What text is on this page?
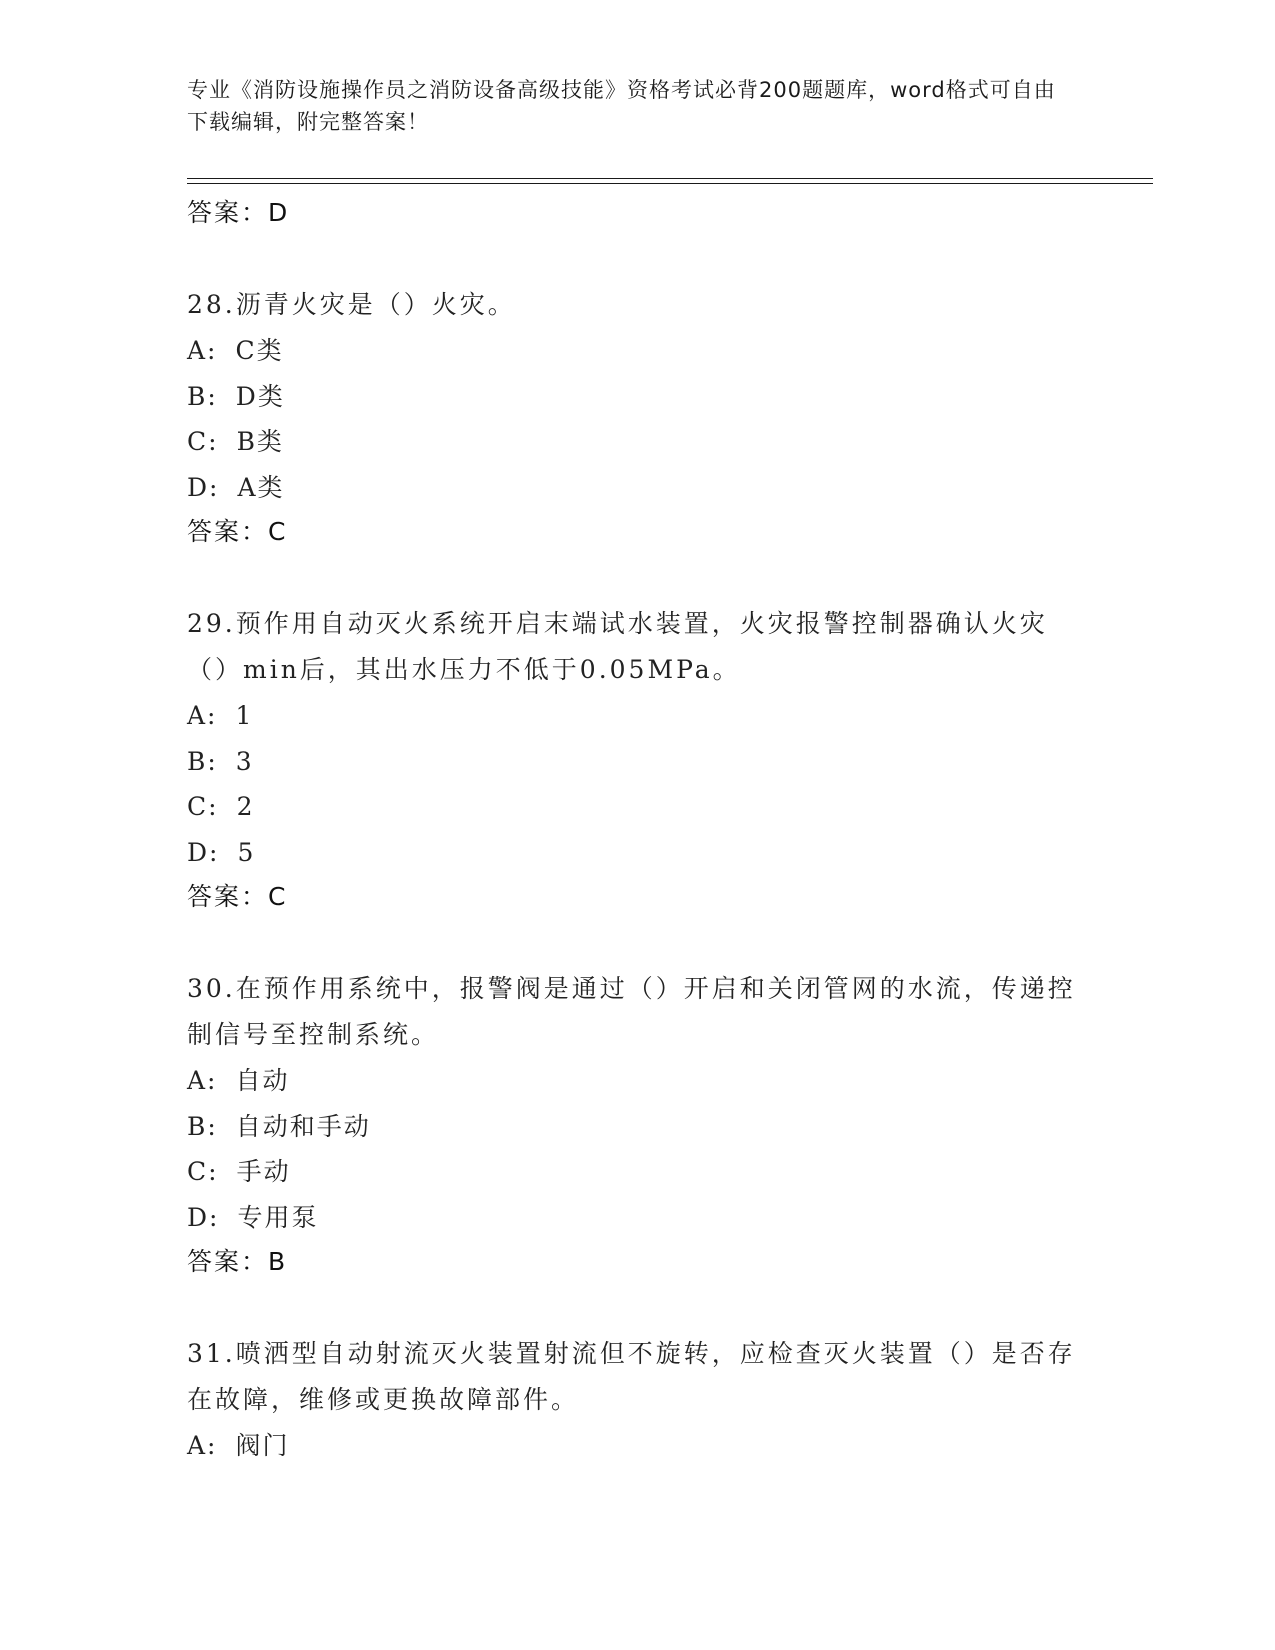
专业《消防设施操作员之消防设备高级技能》资格考试必背200题题库，word格式可自由下载编辑，附完整答案！
答案：D

28.沥青火灾是（）火灾。

A: C类
B: D类
C: B类
D: A类
答案：C

29.预作用自动灭火系统开启末端试水装置，火灾报警控制器确认火灾（）min后，其出水压力不低于0.05MPa。

A: 1
B: 3
C: 2
D: 5
答案：C

30.在预作用系统中，报警阀是通过（）开启和关闭管网的水流，传递控制信号至控制系统。

A: 自动
B: 自动和手动
C: 手动
D: 专用泵
答案：B

31.喷洒型自动射流灭火装置射流但不旋转，应检查灭火装置（）是否存在故障，维修或更换故障部件。

A: 阀门
